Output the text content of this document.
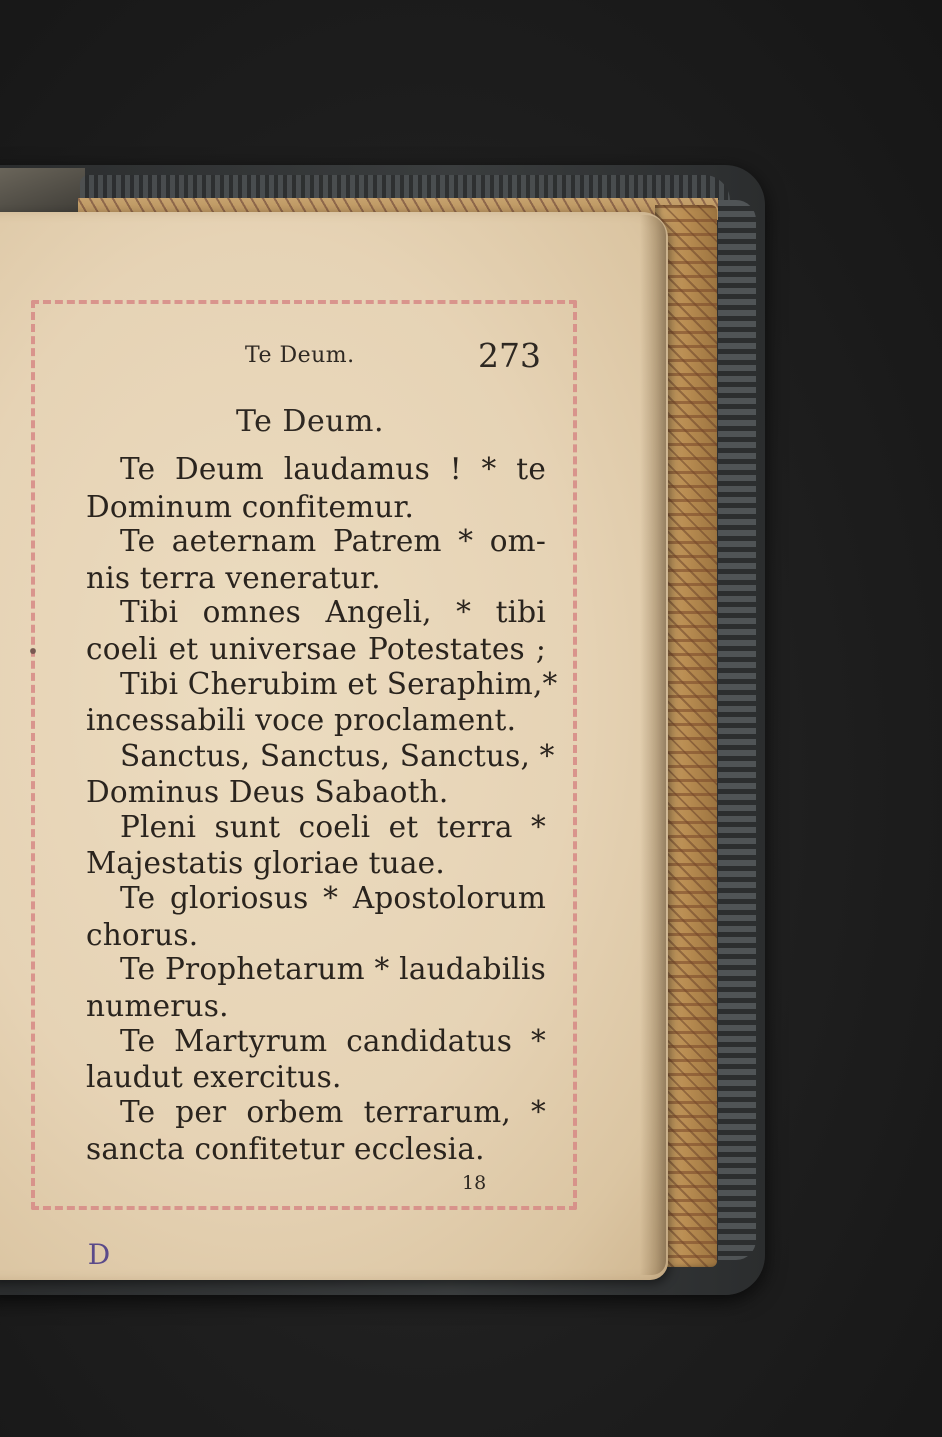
Te Deum.	273
Te Deum.
Te Deum laudamus ! * te
Dominum confitemur.
Te aeternam Patrem * om-
nis terra veneratur.
Tibi omnes Angeli, * tibi
coeli et universae Potestates ;
Tibi Cherubim et Seraphim,*
incessabili voce proclament.
Sanctus, Sanctus, Sanctus, *
Dominus Deus Sabaoth.
Pleni sunt coeli et terra *
Majestatis gloriae tuae.
Te gloriosus * Apostolorum
chorus.
Te Prophetarum * laudabilis
numerus.
Te Martyrum candidatus *
laudut exercitus.
Te per orbem terrarum, *
sancta confitetur ecclesia.
18
D
